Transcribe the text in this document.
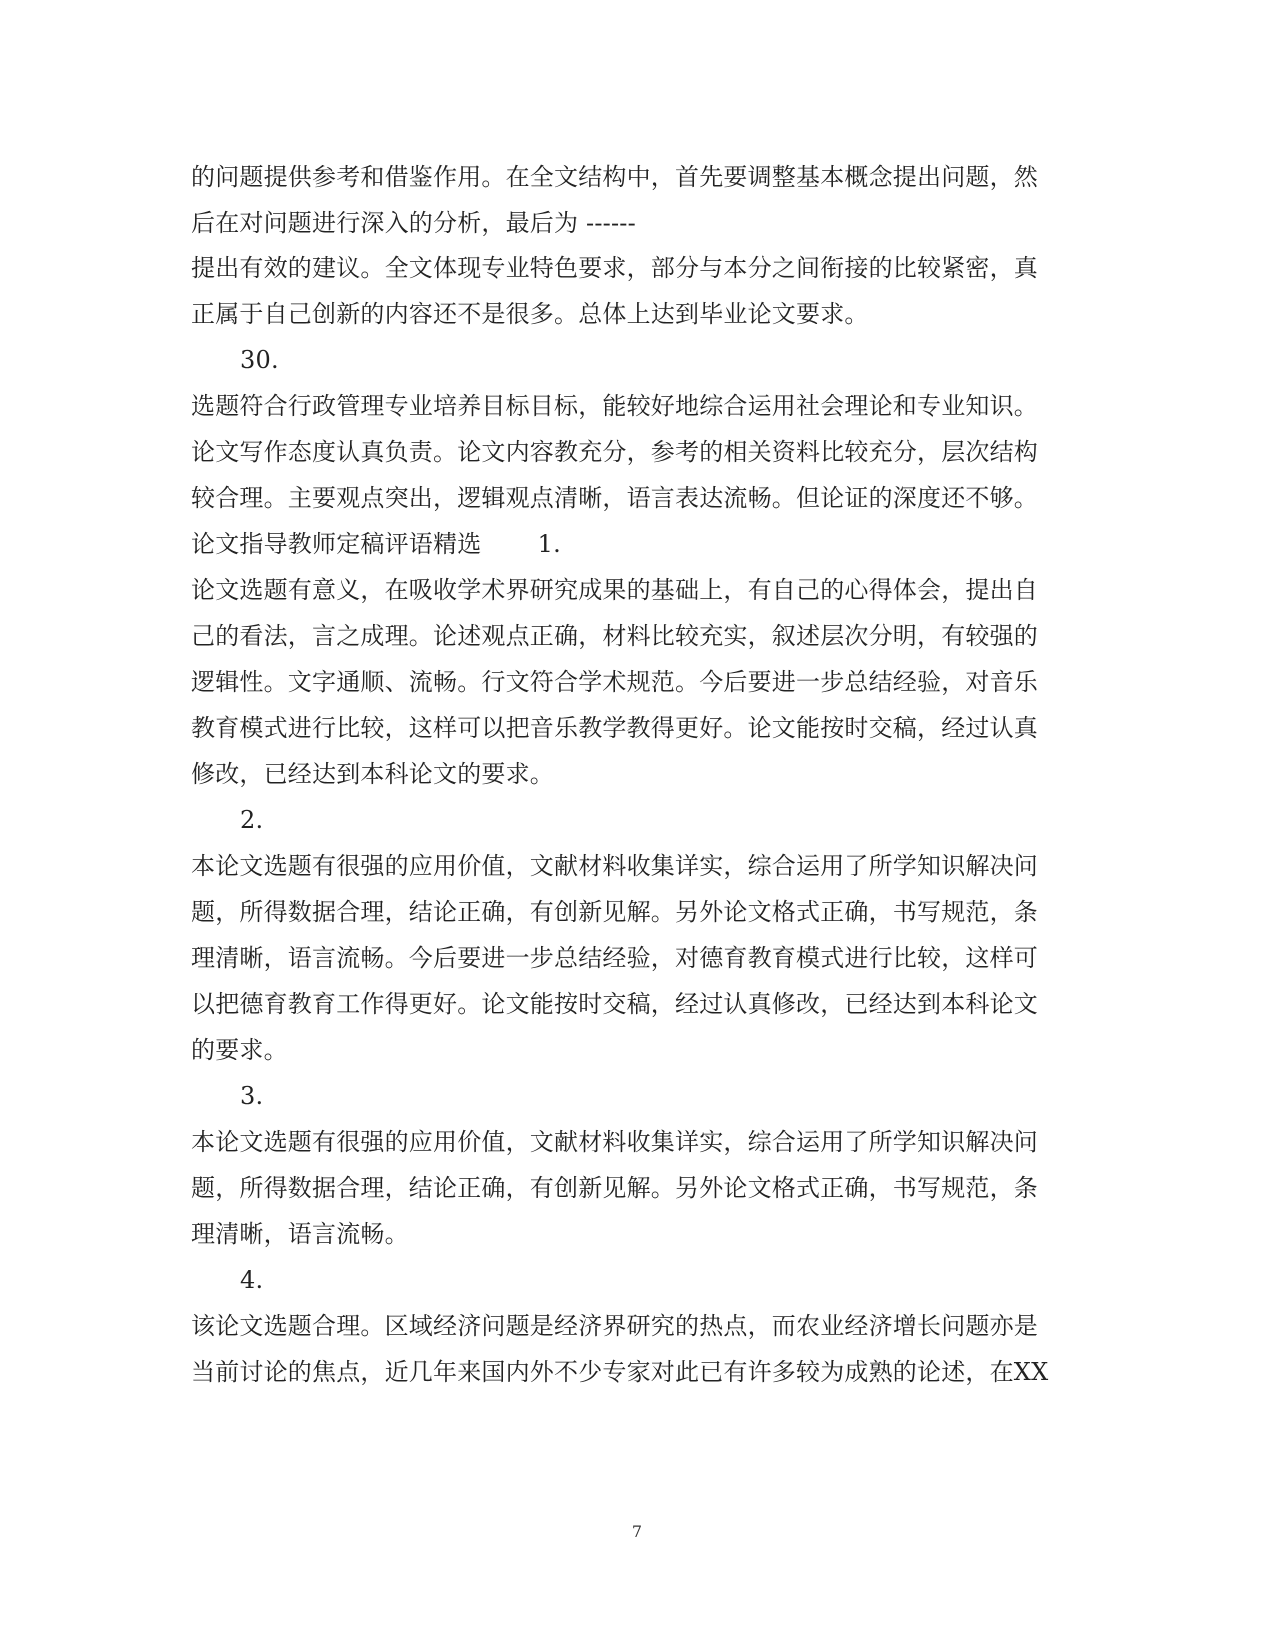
的问题提供参考和借鉴作用。在全文结构中，首先要调整基本概念提出问题，然
后在对问题进行深入的分析，最后为 ------
提出有效的建议。全文体现专业特色要求，部分与本分之间衔接的比较紧密，真
正属于自己创新的内容还不是很多。总体上达到毕业论文要求。
30.
选题符合行政管理专业培养目标目标，能较好地综合运用社会理论和专业知识。
论文写作态度认真负责。论文内容教充分，参考的相关资料比较充分，层次结构
较合理。主要观点突出，逻辑观点清晰，语言表达流畅。但论证的深度还不够。
论文指导教师定稿评语精选　　 1.
论文选题有意义，在吸收学术界研究成果的基础上，有自己的心得体会，提出自
己的看法，言之成理。论述观点正确，材料比较充实，叙述层次分明，有较强的
逻辑性。文字通顺、流畅。行文符合学术规范。今后要进一步总结经验，对音乐
教育模式进行比较，这样可以把音乐教学教得更好。论文能按时交稿，经过认真
修改，已经达到本科论文的要求。
2.
本论文选题有很强的应用价值，文献材料收集详实，综合运用了所学知识解决问
题，所得数据合理，结论正确，有创新见解。另外论文格式正确，书写规范，条
理清晰，语言流畅。今后要进一步总结经验，对德育教育模式进行比较，这样可
以把德育教育工作得更好。论文能按时交稿，经过认真修改，已经达到本科论文
的要求。
3.
本论文选题有很强的应用价值，文献材料收集详实，综合运用了所学知识解决问
题，所得数据合理，结论正确，有创新见解。另外论文格式正确，书写规范，条
理清晰，语言流畅。
4.
该论文选题合理。区域经济问题是经济界研究的热点，而农业经济增长问题亦是
当前讨论的焦点，近几年来国内外不少专家对此已有许多较为成熟的论述，在XX
7
